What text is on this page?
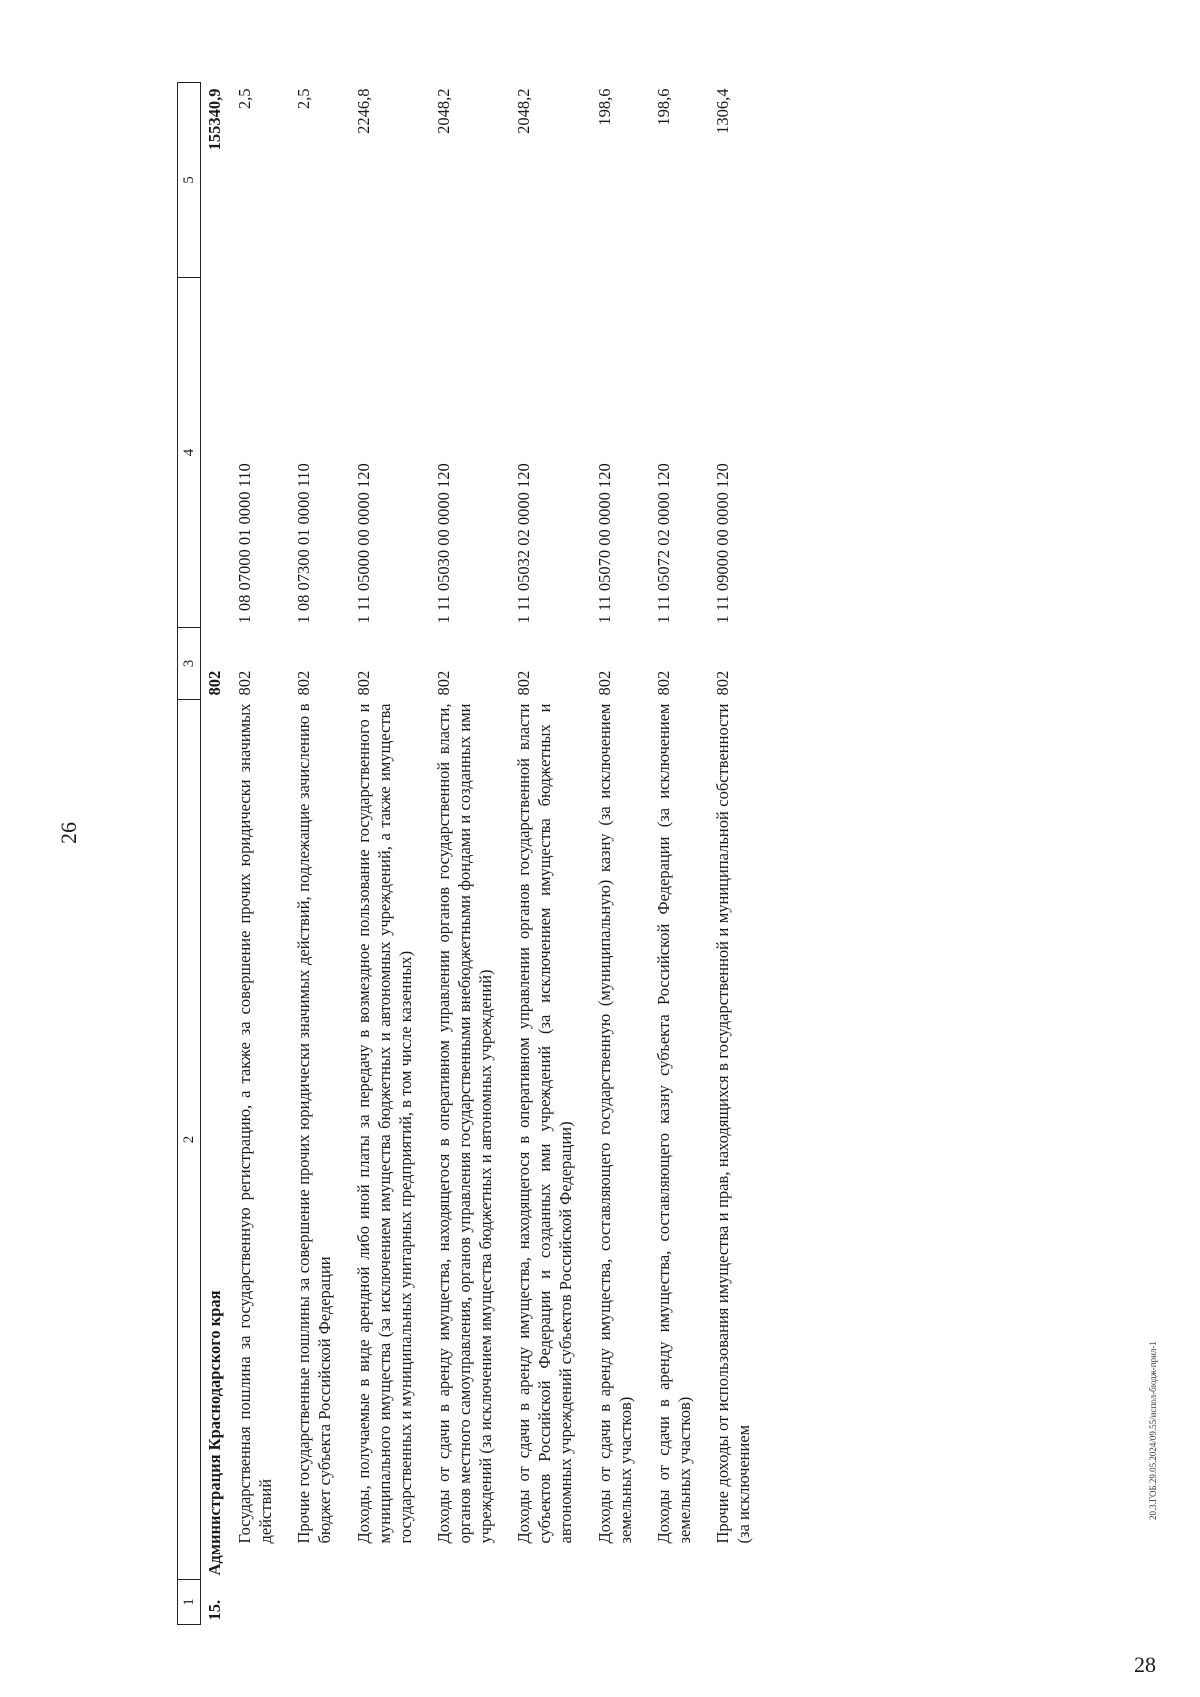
26
1	2	3	4	5
15.	Администрация Краснодарского края	802		155340,9
	Государственная пошлина за государственную регистрацию, а также за совершение прочих юридически значимых действий	802	1 08 07000 01 0000 110	2,5
	Прочие государственные пошлины за совершение прочих юридически значимых действий, подлежащие зачислению в бюджет субъекта Российской Федерации	802	1 08 07300 01 0000 110	2,5
	Доходы, получаемые в виде арендной либо иной платы за передачу в возмездное пользование государственного и муниципального имущества (за исключением имущества бюджетных и автономных учреждений, а также имущества государственных и муниципальных унитарных предприятий, в том числе казенных)	802	1 11 05000 00 0000 120	2246,8
	Доходы от сдачи в аренду имущества, находящегося в оперативном управлении органов государственной власти, органов местного самоуправления, органов управления государственными внебюджетными фондами и созданных ими учреждений (за исключением имущества бюджетных и автономных учреждений)	802	1 11 05030 00 0000 120	2048,2
	Доходы от сдачи в аренду имущества, находящегося в оперативном управлении органов государственной власти субъектов Российской Федерации и созданных ими учреждений (за исключением имущества бюджетных и автономных учреждений субъектов Российской Федерации)	802	1 11 05032 02 0000 120	2048,2
	Доходы от сдачи в аренду имущества, составляющего государственную (муниципальную) казну (за исключением земельных участков)	802	1 11 05070 00 0000 120	198,6
	Доходы от сдачи в аренду имущества, составляющего казну субъекта Российской Федерации (за исключением земельных участков)	802	1 11 05072 02 0000 120	198,6
	Прочие доходы от использования имущества и прав, находящихся в государственной и муниципальной собственности (за исключением	802	1 11 09000 00 0000 120	1306,4
20.3.ГОБ.29.05.2024/09.55/испол-бюдж-прил-1
28
